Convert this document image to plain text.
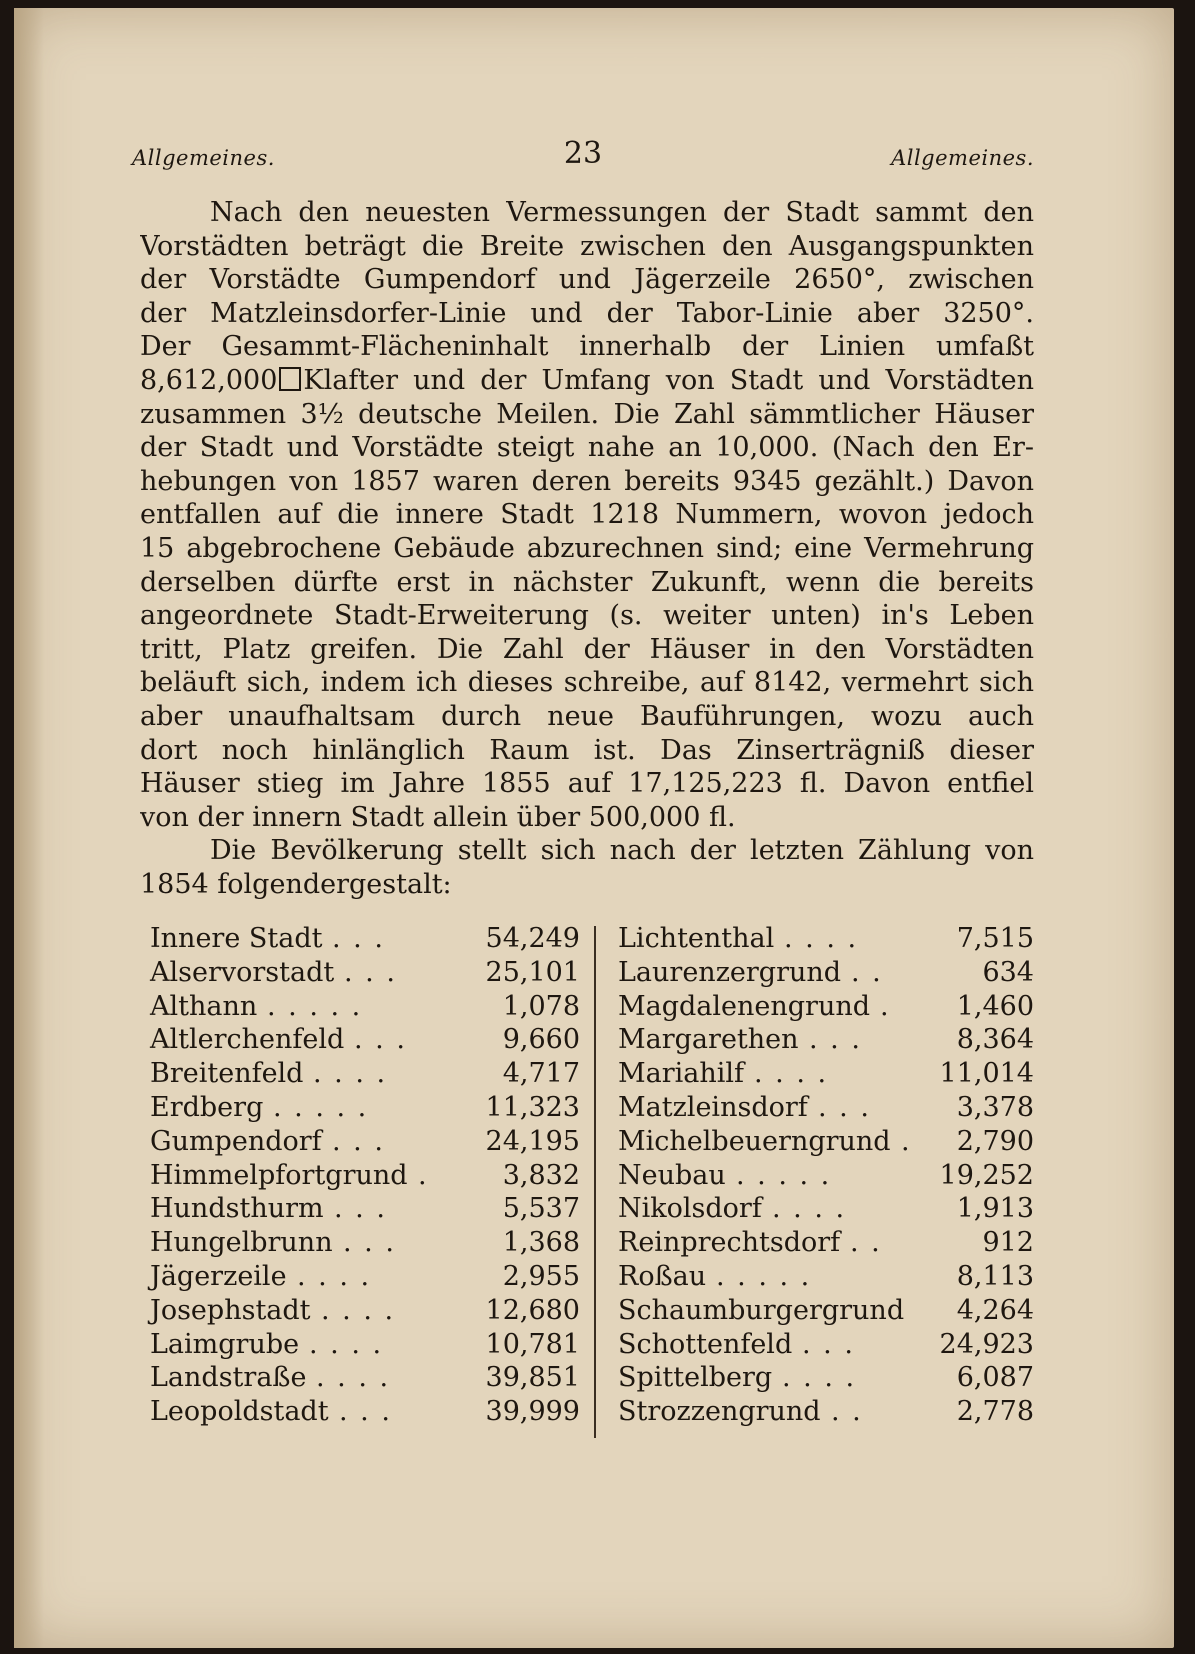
Allgemeines.	23	Allgemeines.
Nach den neuesten Vermessungen der Stadt sammt den
Vorstädten beträgt die Breite zwischen den Ausgangspunkten
der Vorstädte Gumpendorf und Jägerzeile 2650°, zwischen
der Matzleinsdorfer-Linie und der Tabor-Linie aber 3250°.
Der Gesammt-Flächeninhalt innerhalb der Linien umfaßt
8,612,000 Klafter und der Umfang von Stadt und Vorstädten
zusammen 3½ deutsche Meilen. Die Zahl sämmtlicher Häuser
der Stadt und Vorstädte steigt nahe an 10,000. (Nach den Er-
hebungen von 1857 waren deren bereits 9345 gezählt.) Davon
entfallen auf die innere Stadt 1218 Nummern, wovon jedoch
15 abgebrochene Gebäude abzurechnen sind; eine Vermehrung
derselben dürfte erst in nächster Zukunft, wenn die bereits
angeordnete Stadt-Erweiterung (s. weiter unten) in's Leben
tritt, Platz greifen. Die Zahl der Häuser in den Vorstädten
beläuft sich, indem ich dieses schreibe, auf 8142, vermehrt sich
aber unaufhaltsam durch neue Bauführungen, wozu auch
dort noch hinlänglich Raum ist. Das Zinserträgniß dieser
Häuser stieg im Jahre 1855 auf 17,125,223 fl. Davon entfiel
von der innern Stadt allein über 500,000 fl.
Die Bevölkerung stellt sich nach der letzten Zählung von
1854 folgendergestalt:
Innere Stadt . . .	54,249
Alservorstadt . . .	25,101
Althann . . . . .	1,078
Altlerchenfeld . . .	9,660
Breitenfeld . . . .	4,717
Erdberg . . . . .	11,323
Gumpendorf . . .	24,195
Himmelpfortgrund .	3,832
Hundsthurm . . .	5,537
Hungelbrunn . . .	1,368
Jägerzeile . . . .	2,955
Josephstadt . . . .	12,680
Laimgrube . . . .	10,781
Landstraße . . . .	39,851
Leopoldstadt . . .	39,999
Lichtenthal . . . .	7,515
Laurenzergrund . .	634
Magdalenengrund . 1,460
Margarethen . . .	8,364
Mariahilf . . . .	11,014
Matzleinsdorf . . .	3,378
Michelbeuerngrund . 2,790
Neubau . . . . .	19,252
Nikolsdorf . . . .	1,913
Reinprechtsdorf . .	912
Roßau . . . . .	8,113
Schaumburgergrund 4,264
Schottenfeld . . .	24,923
Spittelberg . . . .	6,087
Strozzengrund . .	2,778
